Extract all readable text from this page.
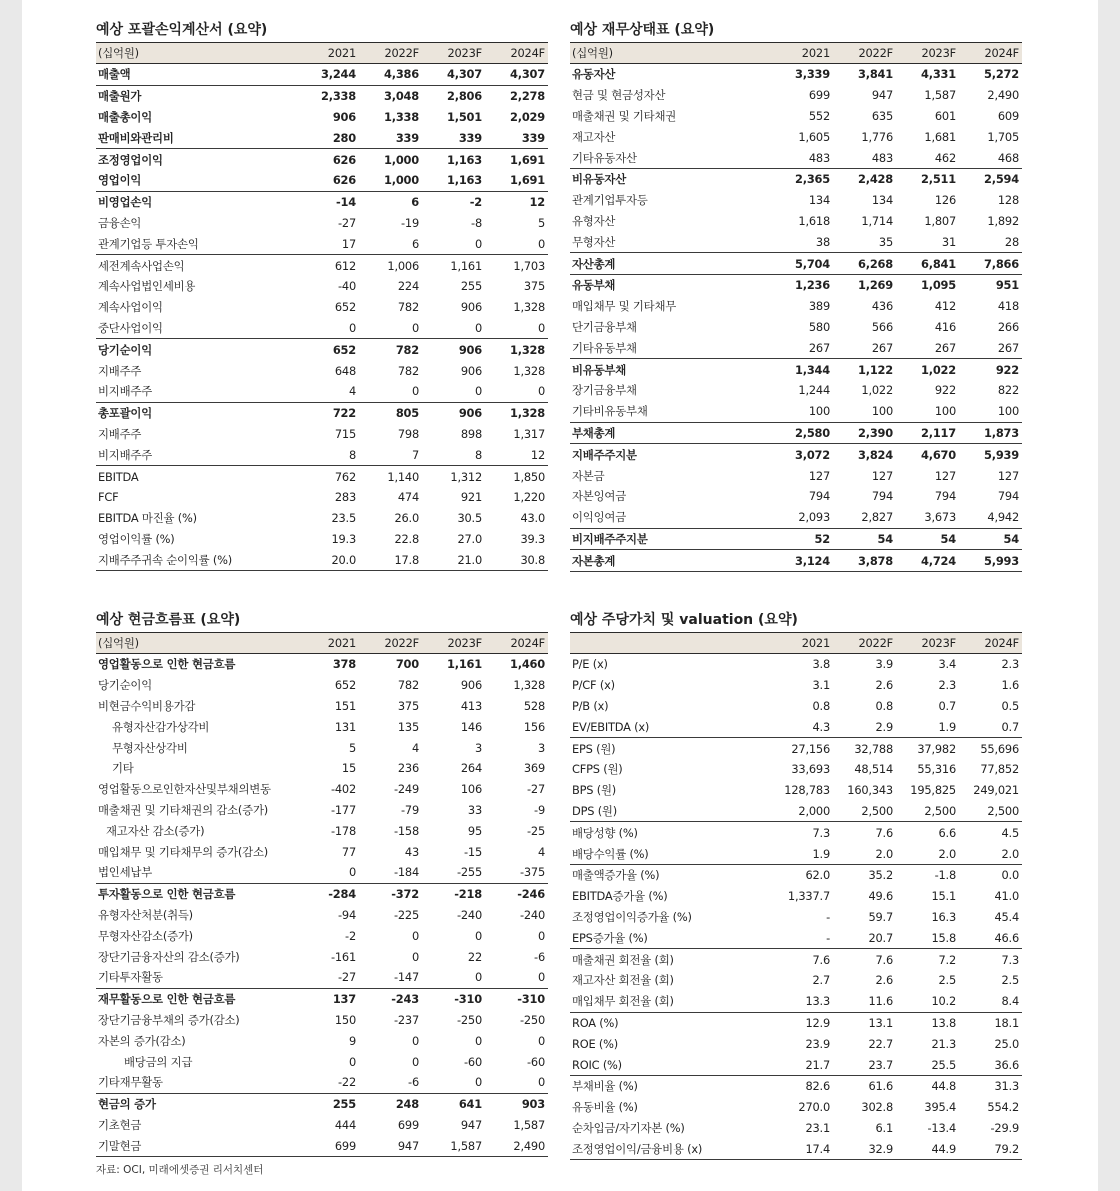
예상 포괄손익계산서 (요약)
(십억원)	2021	2022F	2023F	2024F
매출액	3,244	4,386	4,307	4,307
매출원가	2,338	3,048	2,806	2,278
매출총이익	906	1,338	1,501	2,029
판매비와관리비	280	339	339	339
조정영업이익	626	1,000	1,163	1,691
영업이익	626	1,000	1,163	1,691
비영업손익	-14	6	-2	12
금융손익	-27	-19	-8	5
관계기업등 투자손익	17	6	0	0
세전계속사업손익	612	1,006	1,161	1,703
계속사업법인세비용	-40	224	255	375
계속사업이익	652	782	906	1,328
중단사업이익	0	0	0	0
당기순이익	652	782	906	1,328
지배주주	648	782	906	1,328
비지배주주	4	0	0	0
총포괄이익	722	805	906	1,328
지배주주	715	798	898	1,317
비지배주주	8	7	8	12
EBITDA	762	1,140	1,312	1,850
FCF	283	474	921	1,220
EBITDA 마진율 (%)	23.5	26.0	30.5	43.0
영업이익률 (%)	19.3	22.8	27.0	39.3
지배주주귀속 순이익률 (%)	20.0	17.8	21.0	30.8
예상 재무상태표 (요약)
(십억원)	2021	2022F	2023F	2024F
유동자산	3,339	3,841	4,331	5,272
현금 및 현금성자산	699	947	1,587	2,490
매출채권 및 기타채권	552	635	601	609
재고자산	1,605	1,776	1,681	1,705
기타유동자산	483	483	462	468
비유동자산	2,365	2,428	2,511	2,594
관계기업투자등	134	134	126	128
유형자산	1,618	1,714	1,807	1,892
무형자산	38	35	31	28
자산총계	5,704	6,268	6,841	7,866
유동부채	1,236	1,269	1,095	951
매입채무 및 기타채무	389	436	412	418
단기금융부채	580	566	416	266
기타유동부채	267	267	267	267
비유동부채	1,344	1,122	1,022	922
장기금융부채	1,244	1,022	922	822
기타비유동부채	100	100	100	100
부채총계	2,580	2,390	2,117	1,873
지배주주지분	3,072	3,824	4,670	5,939
자본금	127	127	127	127
자본잉여금	794	794	794	794
이익잉여금	2,093	2,827	3,673	4,942
비지배주주지분	52	54	54	54
자본총계	3,124	3,878	4,724	5,993
예상 현금흐름표 (요약)
(십억원)	2021	2022F	2023F	2024F
영업활동으로 인한 현금흐름	378	700	1,161	1,460
당기순이익	652	782	906	1,328
비현금수익비용가감	151	375	413	528
유형자산감가상각비	131	135	146	156
무형자산상각비	5	4	3	3
기타	15	236	264	369
영업활동으로인한자산및부채의변동	-402	-249	106	-27
매출채권 및 기타채권의 감소(증가)	-177	-79	33	-9
재고자산 감소(증가)	-178	-158	95	-25
매입채무 및 기타채무의 증가(감소)	77	43	-15	4
법인세납부	0	-184	-255	-375
투자활동으로 인한 현금흐름	-284	-372	-218	-246
유형자산처분(취득)	-94	-225	-240	-240
무형자산감소(증가)	-2	0	0	0
장단기금융자산의 감소(증가)	-161	0	22	-6
기타투자활동	-27	-147	0	0
재무활동으로 인한 현금흐름	137	-243	-310	-310
장단기금융부채의 증가(감소)	150	-237	-250	-250
자본의 증가(감소)	9	0	0	0
배당금의 지급	0	0	-60	-60
기타재무활동	-22	-6	0	0
현금의 증가	255	248	641	903
기초현금	444	699	947	1,587
기말현금	699	947	1,587	2,490
자료: OCI, 미래에셋증권 리서치센터
예상 주당가치 및 valuation (요약)
	2021	2022F	2023F	2024F
P/E (x)	3.8	3.9	3.4	2.3
P/CF (x)	3.1	2.6	2.3	1.6
P/B (x)	0.8	0.8	0.7	0.5
EV/EBITDA (x)	4.3	2.9	1.9	0.7
EPS (원)	27,156	32,788	37,982	55,696
CFPS (원)	33,693	48,514	55,316	77,852
BPS (원)	128,783	160,343	195,825	249,021
DPS (원)	2,000	2,500	2,500	2,500
배당성향 (%)	7.3	7.6	6.6	4.5
배당수익률 (%)	1.9	2.0	2.0	2.0
매출액증가율 (%)	62.0	35.2	-1.8	0.0
EBITDA증가율 (%)	1,337.7	49.6	15.1	41.0
조정영업이익증가율 (%)	-	59.7	16.3	45.4
EPS증가율 (%)	-	20.7	15.8	46.6
매출채권 회전율 (회)	7.6	7.6	7.2	7.3
재고자산 회전율 (회)	2.7	2.6	2.5	2.5
매입채무 회전율 (회)	13.3	11.6	10.2	8.4
ROA (%)	12.9	13.1	13.8	18.1
ROE (%)	23.9	22.7	21.3	25.0
ROIC (%)	21.7	23.7	25.5	36.6
부채비율 (%)	82.6	61.6	44.8	31.3
유동비율 (%)	270.0	302.8	395.4	554.2
순차입금/자기자본 (%)	23.1	6.1	-13.4	-29.9
조정영업이익/금융비용 (x)	17.4	32.9	44.9	79.2
